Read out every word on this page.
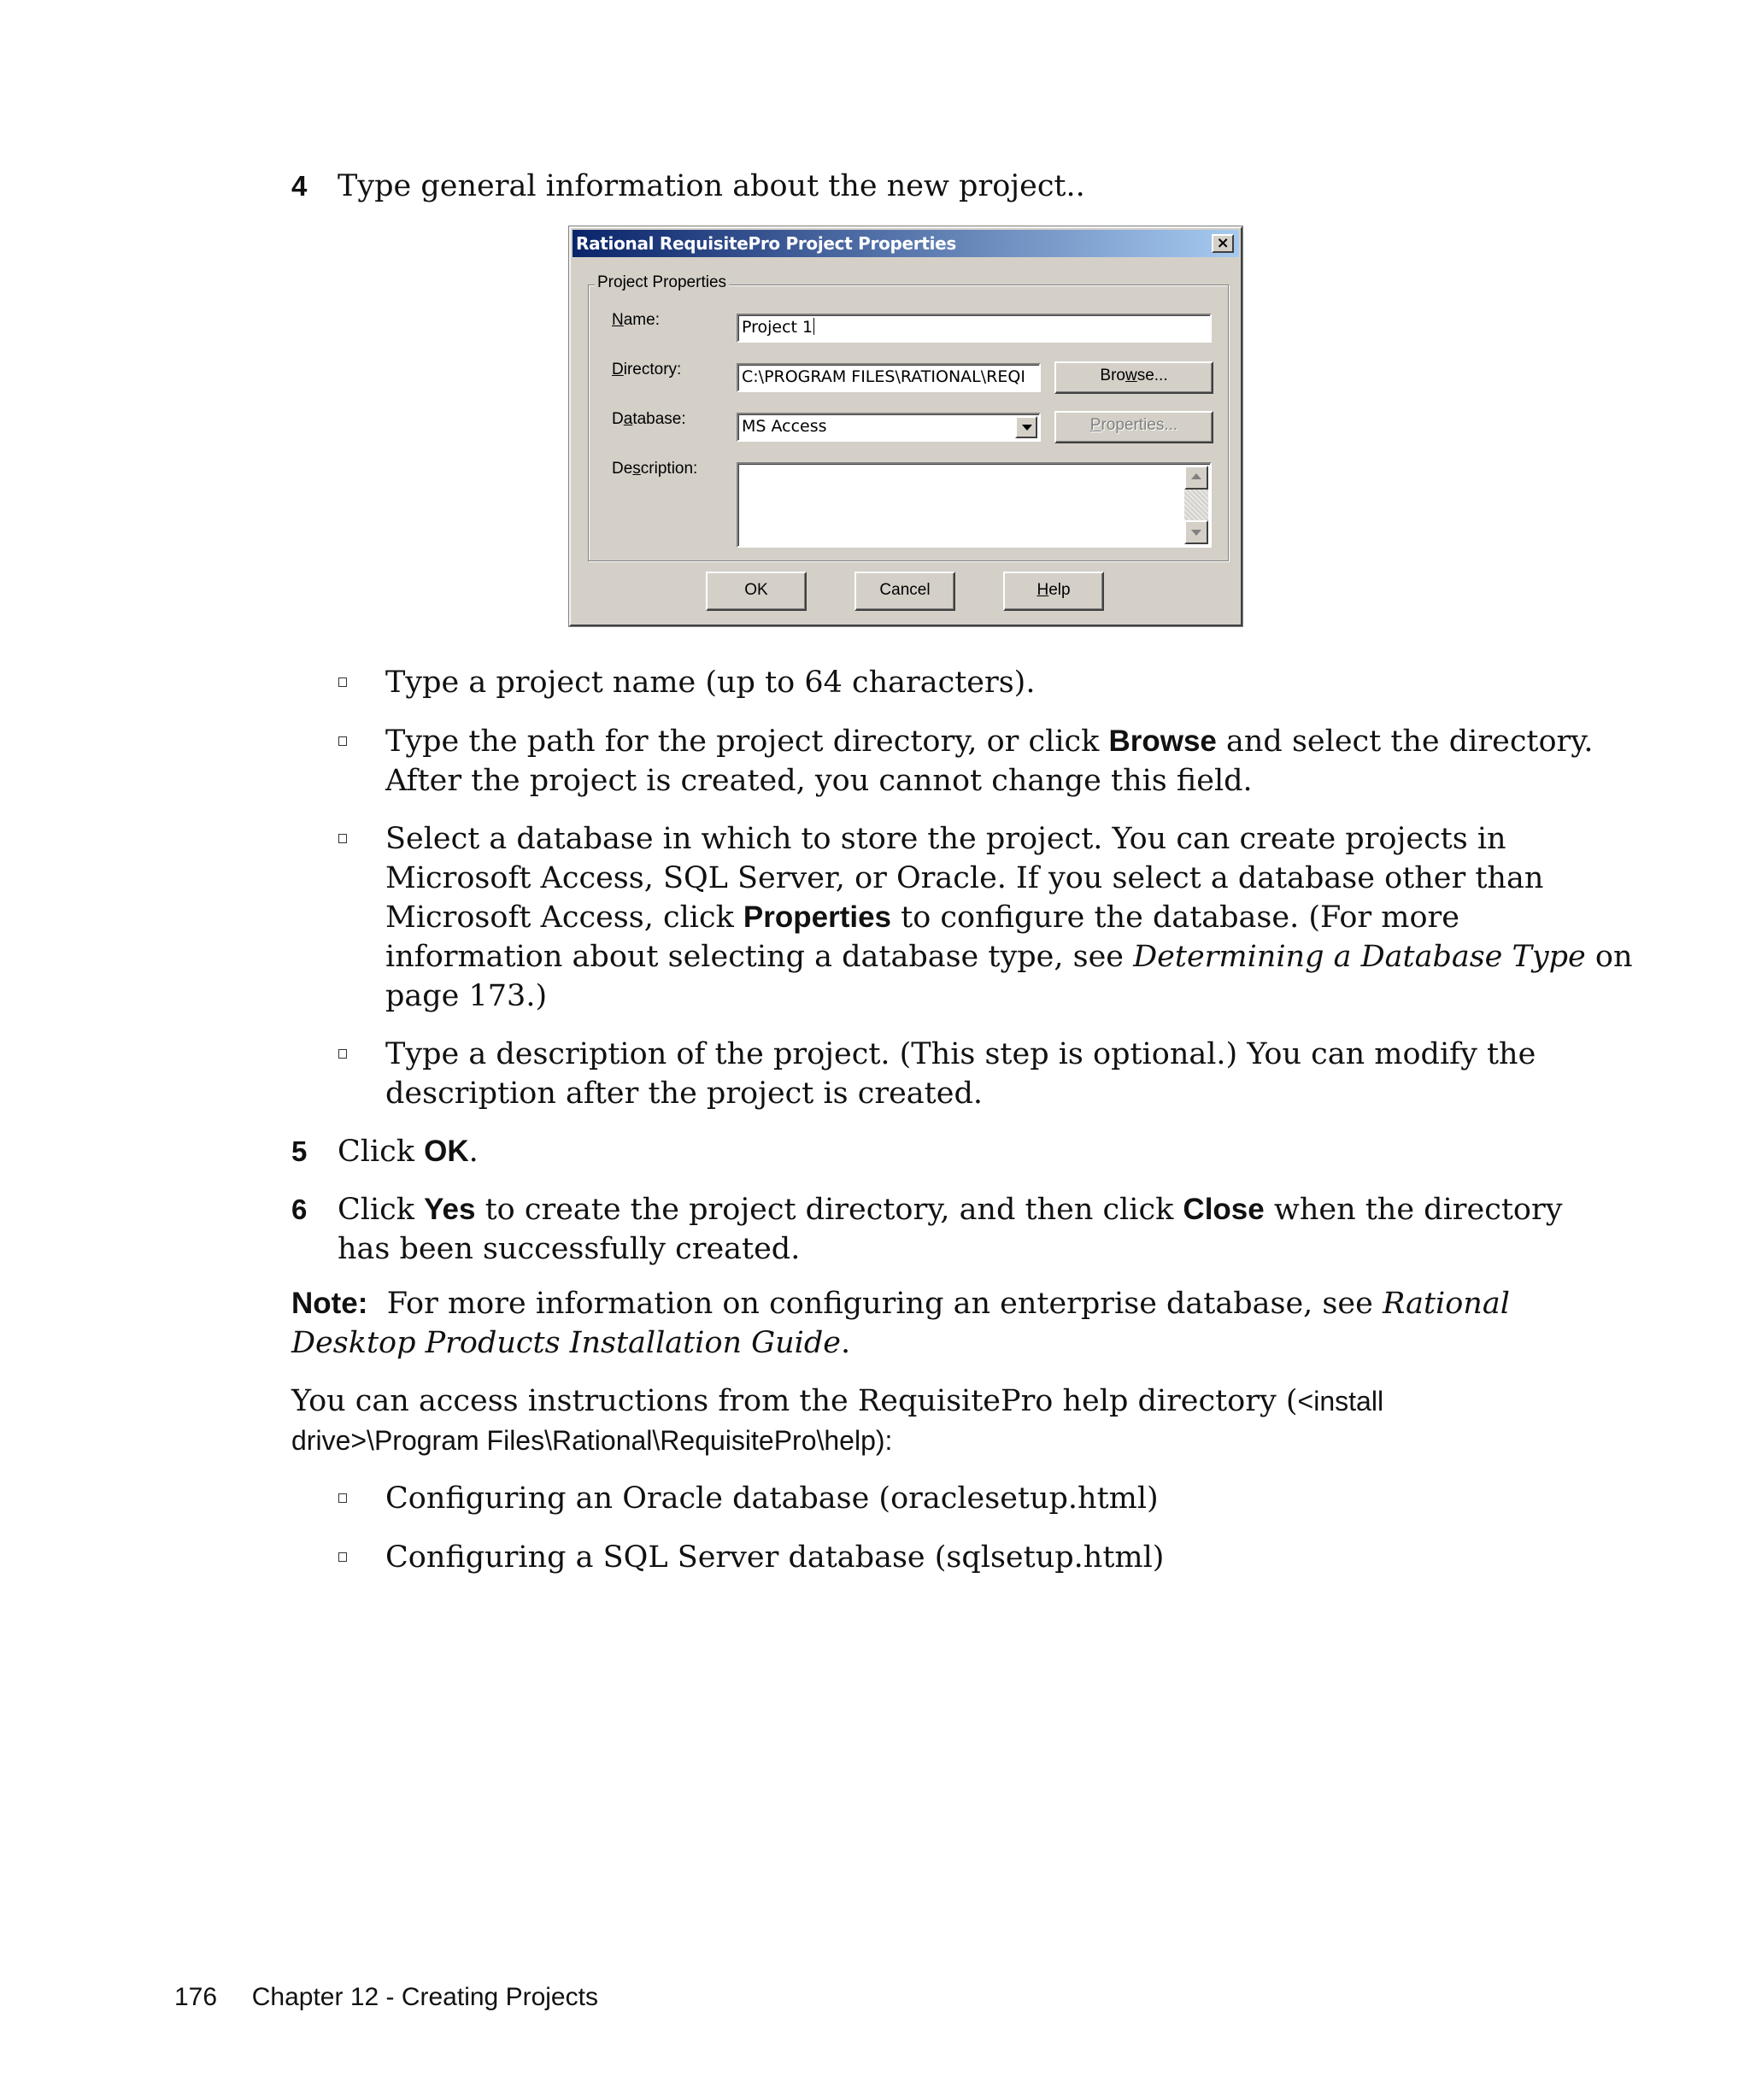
4 Type general information about the new project..
Rational RequisitePro Project Properties	×
Project Properties
Name:	Project 1
Directory:	C:\PROGRAM FILES\RATIONAL\REQI	Browse...
Database:	MS Access	Properties...
Description:
OK	Cancel	Help
Type a project name (up to 64 characters).
Type the path for the project directory, or click Browse and select the directory.
After the project is created, you cannot change this field.
Select a database in which to store the project. You can create projects in
Microsoft Access, SQL Server, or Oracle. If you select a database other than
Microsoft Access, click Properties to configure the database. (For more
information about selecting a database type, see Determining a Database Type on
page 173.)
Type a description of the project. (This step is optional.) You can modify the
description after the project is created.
5 Click OK.
6 Click Yes to create the project directory, and then click Close when the directory
has been successfully created.
Note:  For more information on configuring an enterprise database, see Rational
Desktop Products Installation Guide.
You can access instructions from the RequisitePro help directory (<install
drive>\Program Files\Rational\RequisitePro\help):
Configuring an Oracle database (oraclesetup.html)
Configuring a SQL Server database (sqlsetup.html)
176 Chapter 12 - Creating Projects
